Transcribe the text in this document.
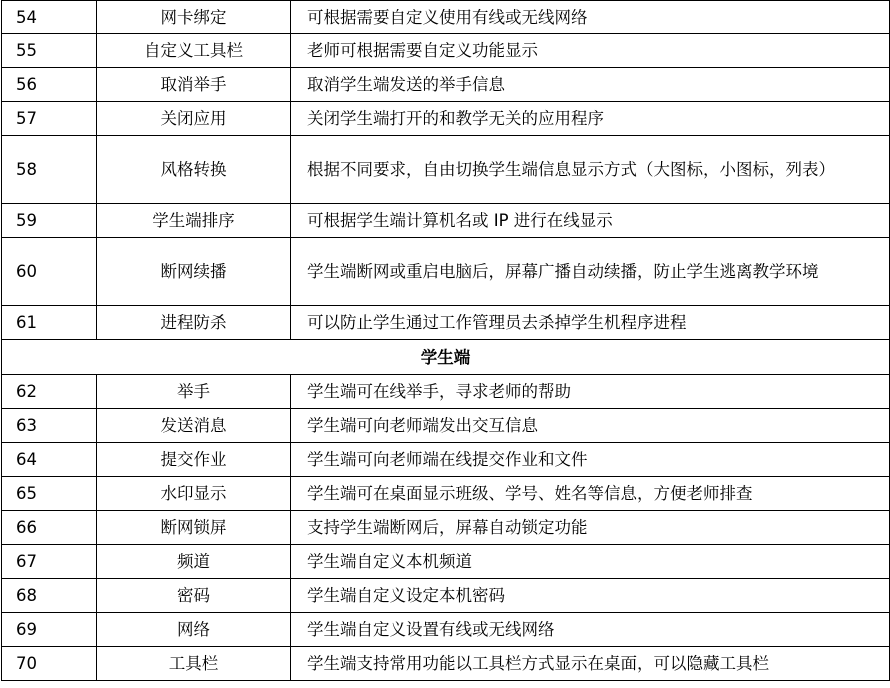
54	网卡绑定	可根据需要自定义使用有线或无线网络
55	自定义工具栏	老师可根据需要自定义功能显示
56	取消举手	取消学生端发送的举手信息
57	关闭应用	关闭学生端打开的和教学无关的应用程序
58	风格转换	根据不同要求，自由切换学生端信息显示方式（大图标，小图标，列表）
59	学生端排序	可根据学生端计算机名或 IP 进行在线显示
60	断网续播	学生端断网或重启电脑后，屏幕广播自动续播，防止学生逃离教学环境
61	进程防杀	可以防止学生通过工作管理员去杀掉学生机程序进程
学生端		
62	举手	学生端可在线举手，寻求老师的帮助
63	发送消息	学生端可向老师端发出交互信息
64	提交作业	学生端可向老师端在线提交作业和文件
65	水印显示	学生端可在桌面显示班级、学号、姓名等信息，方便老师排查
66	断网锁屏	支持学生端断网后，屏幕自动锁定功能
67	频道	学生端自定义本机频道
68	密码	学生端自定义设定本机密码
69	网络	学生端自定义设置有线或无线网络
70	工具栏	学生端支持常用功能以工具栏方式显示在桌面，可以隐藏工具栏
